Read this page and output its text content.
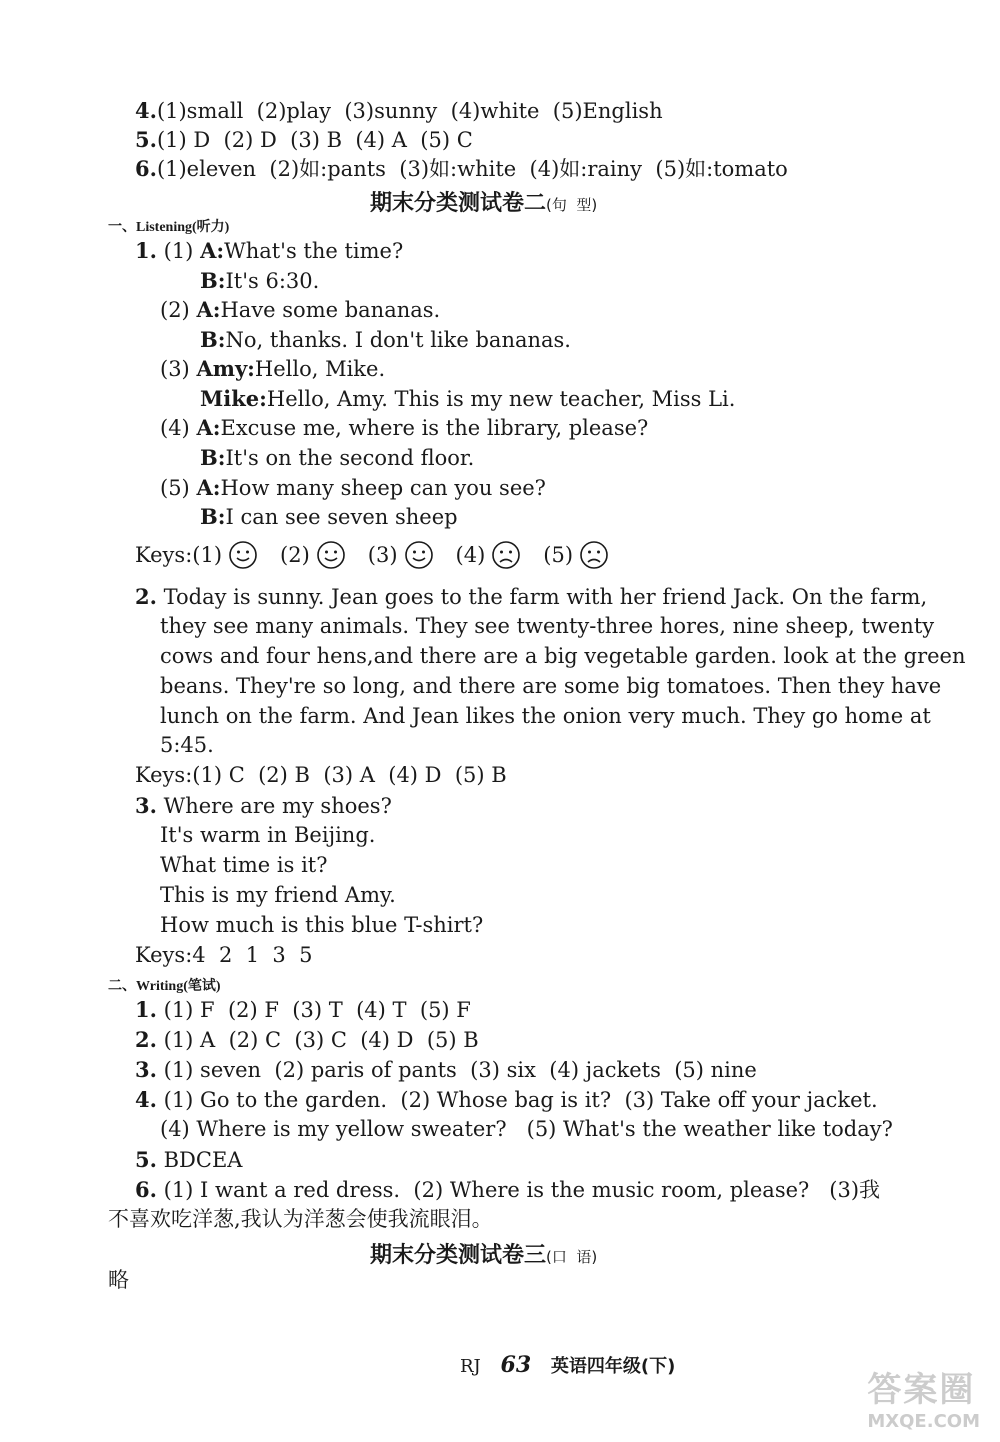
4.(1)small  (2)play  (3)sunny  (4)white  (5)English
5.(1) D  (2) D  (3) B  (4) A  (5) C
6.(1)eleven  (2)如:pants  (3)如:white  (4)如:rainy  (5)如:tomato
期末分类测试卷二(句  型)
一、Listening(听力)
1. (1) A:What's the time?
B:It's 6:30.
(2) A:Have some bananas.
B:No, thanks. I don't like bananas.
(3) Amy:Hello, Mike.
Mike:Hello, Amy. This is my new teacher, Miss Li.
(4) A:Excuse me, where is the library, please?
B:It's on the second floor.
(5) A:How many sheep can you see?
B:I can see seven sheep
Keys: (1)	(2)	(3)	(4)	(5)
2. Today is sunny. Jean goes to the farm with her friend Jack. On the farm,
they see many animals. They see twenty-three hores, nine sheep, twenty
cows and four hens,and there are a big vegetable garden. look at the green
beans. They're so long, and there are some big tomatoes. Then they have
lunch on the farm. And Jean likes the onion very much. They go home at
5:45.
Keys:(1) C  (2) B  (3) A  (4) D  (5) B
3. Where are my shoes?
It's warm in Beijing.
What time is it?
This is my friend Amy.
How much is this blue T-shirt?
Keys:4  2  1  3  5
二、Writing(笔试)
1. (1) F  (2) F  (3) T  (4) T  (5) F
2. (1) A  (2) C  (3) C  (4) D  (5) B
3. (1) seven  (2) paris of pants  (3) six  (4) jackets  (5) nine
4. (1) Go to the garden.  (2) Whose bag is it?  (3) Take off your jacket.
(4) Where is my yellow sweater?   (5) What's the weather like today?
5. BDCEA
6. (1) I want a red dress.  (2) Where is the music room, please?   (3)我
不喜欢吃洋葱,我认为洋葱会使我流眼泪。
期末分类测试卷三(口  语)
略
RJ 63 英语四年级(下)
答案圈
MXQE.COM
